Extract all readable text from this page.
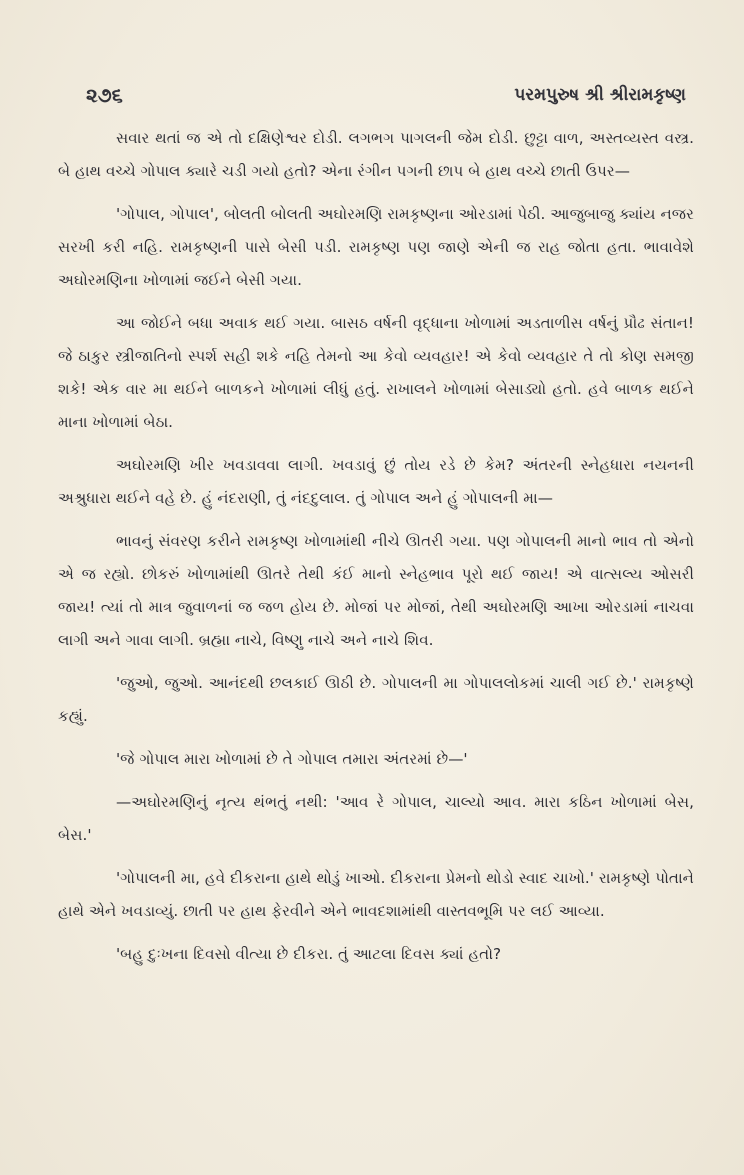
૨૭૬	પરમપુરુષ શ્રી શ્રીરામકૃષ્ણ

સવાર થતાં જ એ તો દક્ષિણેશ્વર દોડી. લગભગ પાગલની જેમ દોડી. છુટ્ટા વાળ, અસ્તવ્યસ્ત વસ્ત્ર. બે હાથ વચ્ચે ગોપાલ ક્યારે ચડી ગયો હતો? એના રંગીન પગની છાપ બે હાથ વચ્ચે છાતી ઉપર—

'ગોપાલ, ગોપાલ', બોલતી બોલતી અઘોરમણિ રામકૃષ્ણના ઓરડામાં પેઠી. આજુબાજુ ક્યાંય નજર સરખી કરી નહિ. રામકૃષ્ણની પાસે બેસી પડી. રામકૃષ્ણ પણ જાણે એની જ રાહ જોતા હતા. ભાવાવેશે અઘોરમણિના ખોળામાં જઈને બેસી ગયા.

આ જોઈને બધા અવાક થઈ ગયા. બાસઠ વર્ષની વૃદ્ધાના ખોળામાં અડતાળીસ વર્ષનું પ્રૌઢ સંતાન! જે ઠાકુર સ્ત્રીજાતિનો સ્પર્શ સહી શકે નહિ તેમનો આ કેવો વ્યવહાર! એ કેવો વ્યવહાર તે તો કોણ સમજી શકે! એક વાર મા થઈને બાળકને ખોળામાં લીધું હતું. રાખાલને ખોળામાં બેસાડ્યો હતો. હવે બાળક થઈને માના ખોળામાં બેઠા.

અઘોરમણિ ખીર ખવડાવવા લાગી. ખવડાવું છું તોય રડે છે કેમ? અંતરની સ્નેહધારા નયનની અશ્રુધારા થઈને વહે છે. હું નંદરાણી, તું નંદદુલાલ. તું ગોપાલ અને હું ગોપાલની મા—

ભાવનું સંવરણ કરીને રામકૃષ્ણ ખોળામાંથી નીચે ઊતરી ગયા. પણ ગોપાલની માનો ભાવ તો એનો એ જ રહ્યો. છોકરું ખોળામાંથી ઊતરે તેથી કંઈ માનો સ્નેહભાવ પૂરો થઈ જાય! એ વાત્સલ્ય ઓસરી જાય! ત્યાં તો માત્ર જુવાળનાં જ જળ હોય છે. મોજાં પર મોજાં, તેથી અઘોરમણિ આખા ઓરડામાં નાચવા લાગી અને ગાવા લાગી. બ્રહ્મા નાચે, વિષ્ણુ નાચે અને નાચે શિવ.

'જુઓ, જુઓ. આનંદથી છલકાઈ ઊઠી છે. ગોપાલની મા ગોપાલલોકમાં ચાલી ગઈ છે.' રામકૃષ્ણે કહ્યું.

'જે ગોપાલ મારા ખોળામાં છે તે ગોપાલ તમારા અંતરમાં છે—'

—અઘોરમણિનું નૃત્ય થંભતું નથી: 'આવ રે ગોપાલ, ચાલ્યો આવ. મારા કઠિન ખોળામાં બેસ, બેસ.'

'ગોપાલની મા, હવે દીકરાના હાથે થોડું ખાઓ. દીકરાના પ્રેમનો થોડો સ્વાદ ચાખો.' રામકૃષ્ણે પોતાને હાથે એને ખવડાવ્યું. છાતી પર હાથ ફેરવીને એને ભાવદશામાંથી વાસ્તવભૂમિ પર લઈ આવ્યા.

'બહુ દુઃખના દિવસો વીત્યા છે દીકરા. તું આટલા દિવસ ક્યાં હતો?
